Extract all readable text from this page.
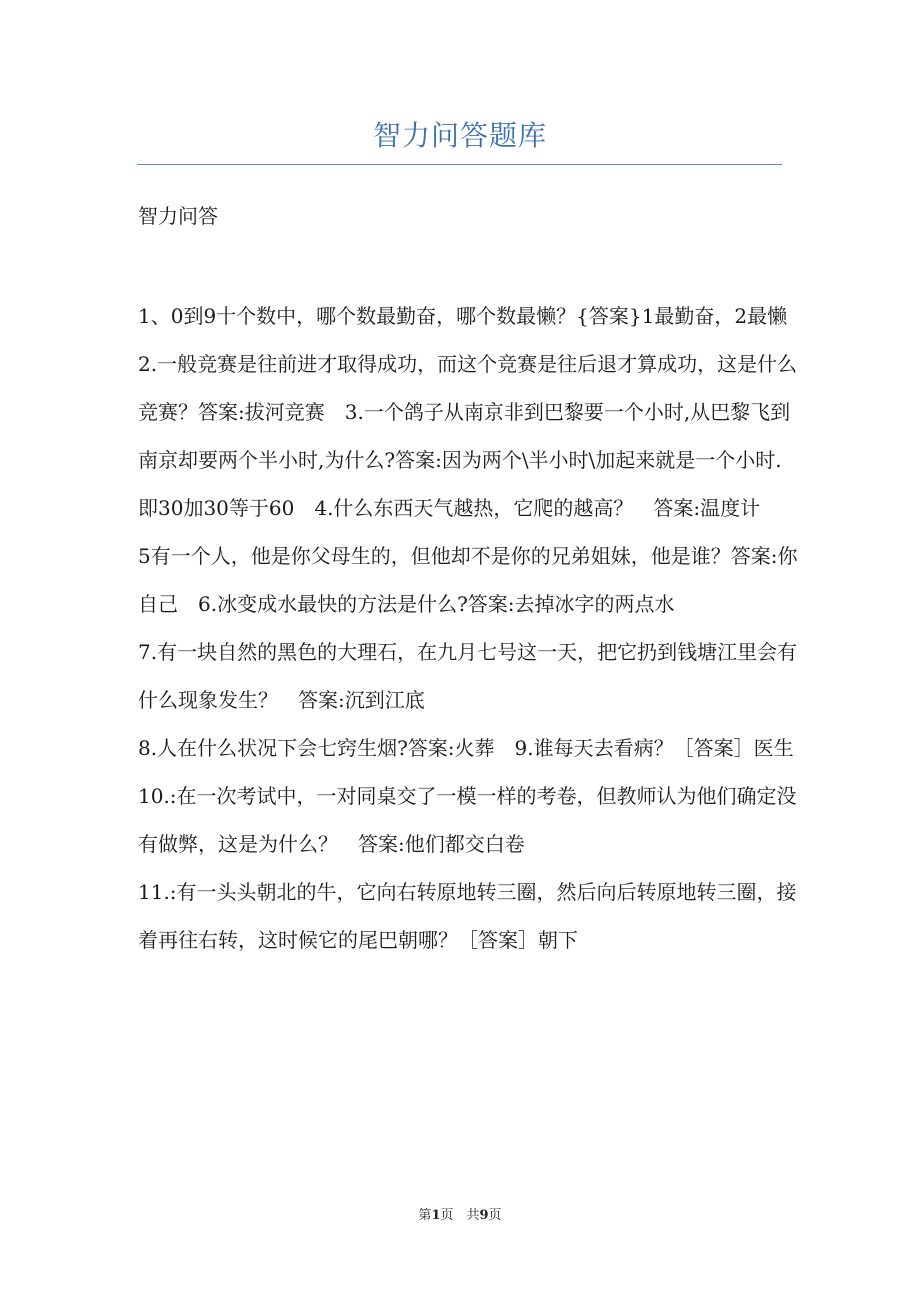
智力问答题库
智力问答

1、0到9十个数中，哪个数最勤奋，哪个数最懒？{答案}1最勤奋，2最懒

2.一般竞赛是往前进才取得成功，而这个竞赛是往后退才算成功，这是什么竞赛？答案:拔河竞赛　3.一个鸽子从南京非到巴黎要一个小时,从巴黎飞到南京却要两个半小时,为什么?答案:因为两个\半小时\加起来就是一个小时.即30加30等于60　4.什么东西天气越热，它爬的越高？　答案:温度计

5有一个人，他是你父母生的，但他却不是你的兄弟姐妹，他是谁？答案:你自己　6.冰变成水最快的方法是什么?答案:去掉冰字的两点水

7.有一块自然的黑色的大理石，在九月七号这一天，把它扔到钱塘江里会有什么现象发生？　答案:沉到江底

8.人在什么状况下会七窍生烟?答案:火葬　9.谁每天去看病？［答案］医生

10.:在一次考试中，一对同桌交了一模一样的考卷，但教师认为他们确定没有做弊，这是为什么？　答案:他们都交白卷

11.:有一头头朝北的牛，它向右转原地转三圈，然后向后转原地转三圈，接着再往右转，这时候它的尾巴朝哪？［答案］朝下

第1页　共9页
